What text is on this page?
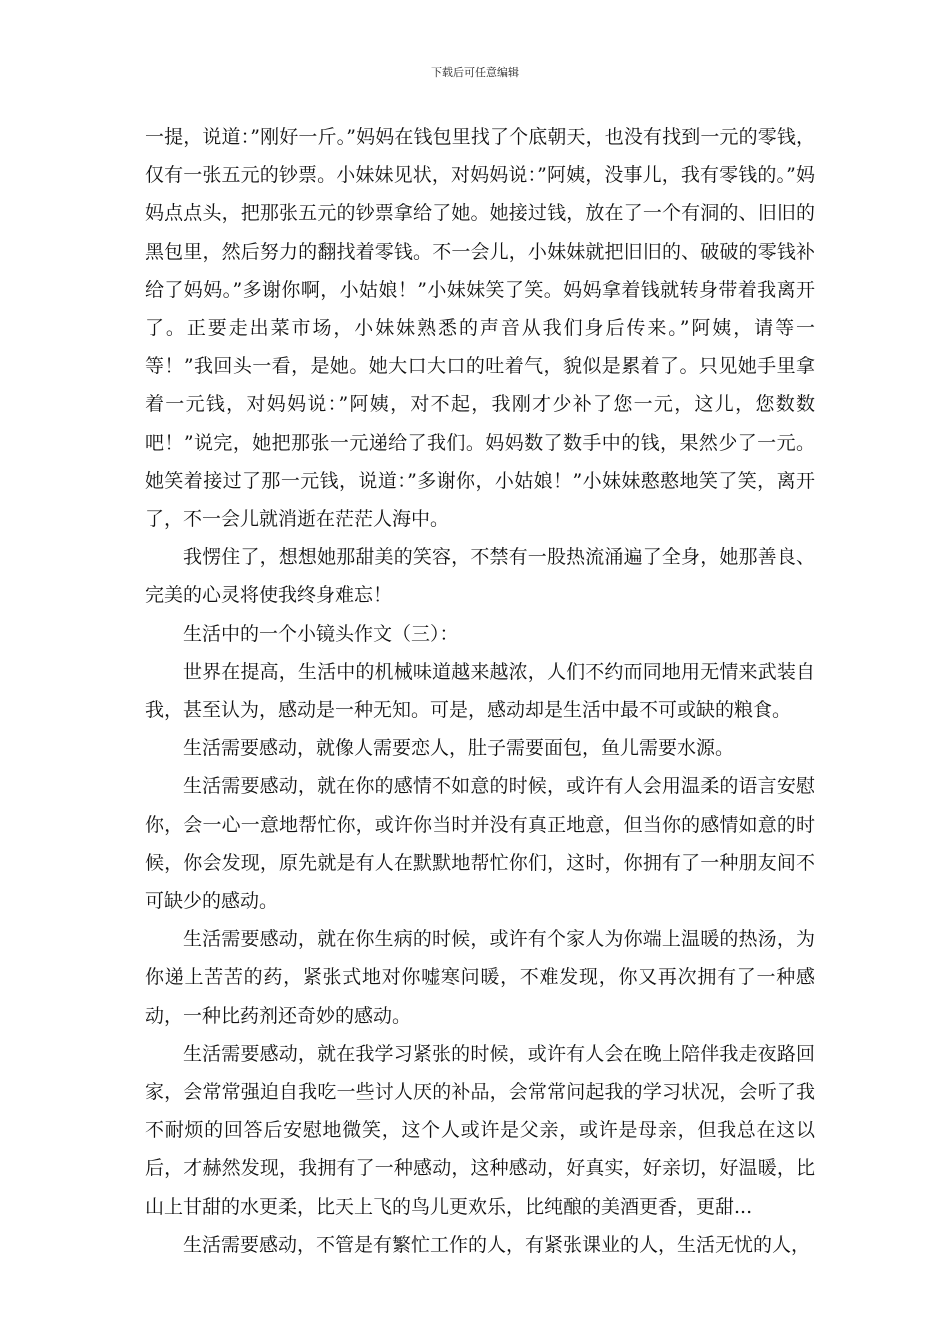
下载后可任意编辑

一提，说道：”刚好一斤。”妈妈在钱包里找了个底朝天，也没有找到一元的零钱，仅有一张五元的钞票。小妹妹见状，对妈妈说：”阿姨，没事儿，我有零钱的。”妈妈点点头，把那张五元的钞票拿给了她。她接过钱，放在了一个有洞的、旧旧的黑包里，然后努力的翻找着零钱。不一会儿，小妹妹就把旧旧的、破破的零钱补给了妈妈。”多谢你啊，小姑娘！”小妹妹笑了笑。妈妈拿着钱就转身带着我离开了。正要走出菜市场，小妹妹熟悉的声音从我们身后传来。”阿姨，请等一等！”我回头一看，是她。她大口大口的吐着气，貌似是累着了。只见她手里拿着一元钱，对妈妈说：”阿姨，对不起，我刚才少补了您一元，这儿，您数数吧！”说完，她把那张一元递给了我们。妈妈数了数手中的钱，果然少了一元。她笑着接过了那一元钱，说道：”多谢你，小姑娘！”小妹妹憨憨地笑了笑，离开了，不一会儿就消逝在茫茫人海中。

我愣住了，想想她那甜美的笑容，不禁有一股热流涌遍了全身，她那善良、完美的心灵将使我终身难忘！

生活中的一个小镜头作文（三）：

世界在提高，生活中的机械味道越来越浓，人们不约而同地用无情来武装自我，甚至认为，感动是一种无知。可是，感动却是生活中最不可或缺的粮食。

生活需要感动，就像人需要恋人，肚子需要面包，鱼儿需要水源。

生活需要感动，就在你的感情不如意的时候，或许有人会用温柔的语言安慰你，会一心一意地帮忙你，或许你当时并没有真正地意，但当你的感情如意的时候，你会发现，原先就是有人在默默地帮忙你们，这时，你拥有了一种朋友间不可缺少的感动。

生活需要感动，就在你生病的时候，或许有个家人为你端上温暖的热汤，为你递上苦苦的药，紧张式地对你嘘寒问暖，不难发现，你又再次拥有了一种感动，一种比药剂还奇妙的感动。

生活需要感动，就在我学习紧张的时候，或许有人会在晚上陪伴我走夜路回家，会常常强迫自我吃一些讨人厌的补品，会常常问起我的学习状况，会听了我不耐烦的回答后安慰地微笑，这个人或许是父亲，或许是母亲，但我总在这以后，才赫然发现，我拥有了一种感动，这种感动，好真实，好亲切，好温暖，比山上甘甜的水更柔，比天上飞的鸟儿更欢乐，比纯酿的美酒更香，更甜...

生活需要感动，不管是有繁忙工作的人，有紧张课业的人，生活无忧的人，
